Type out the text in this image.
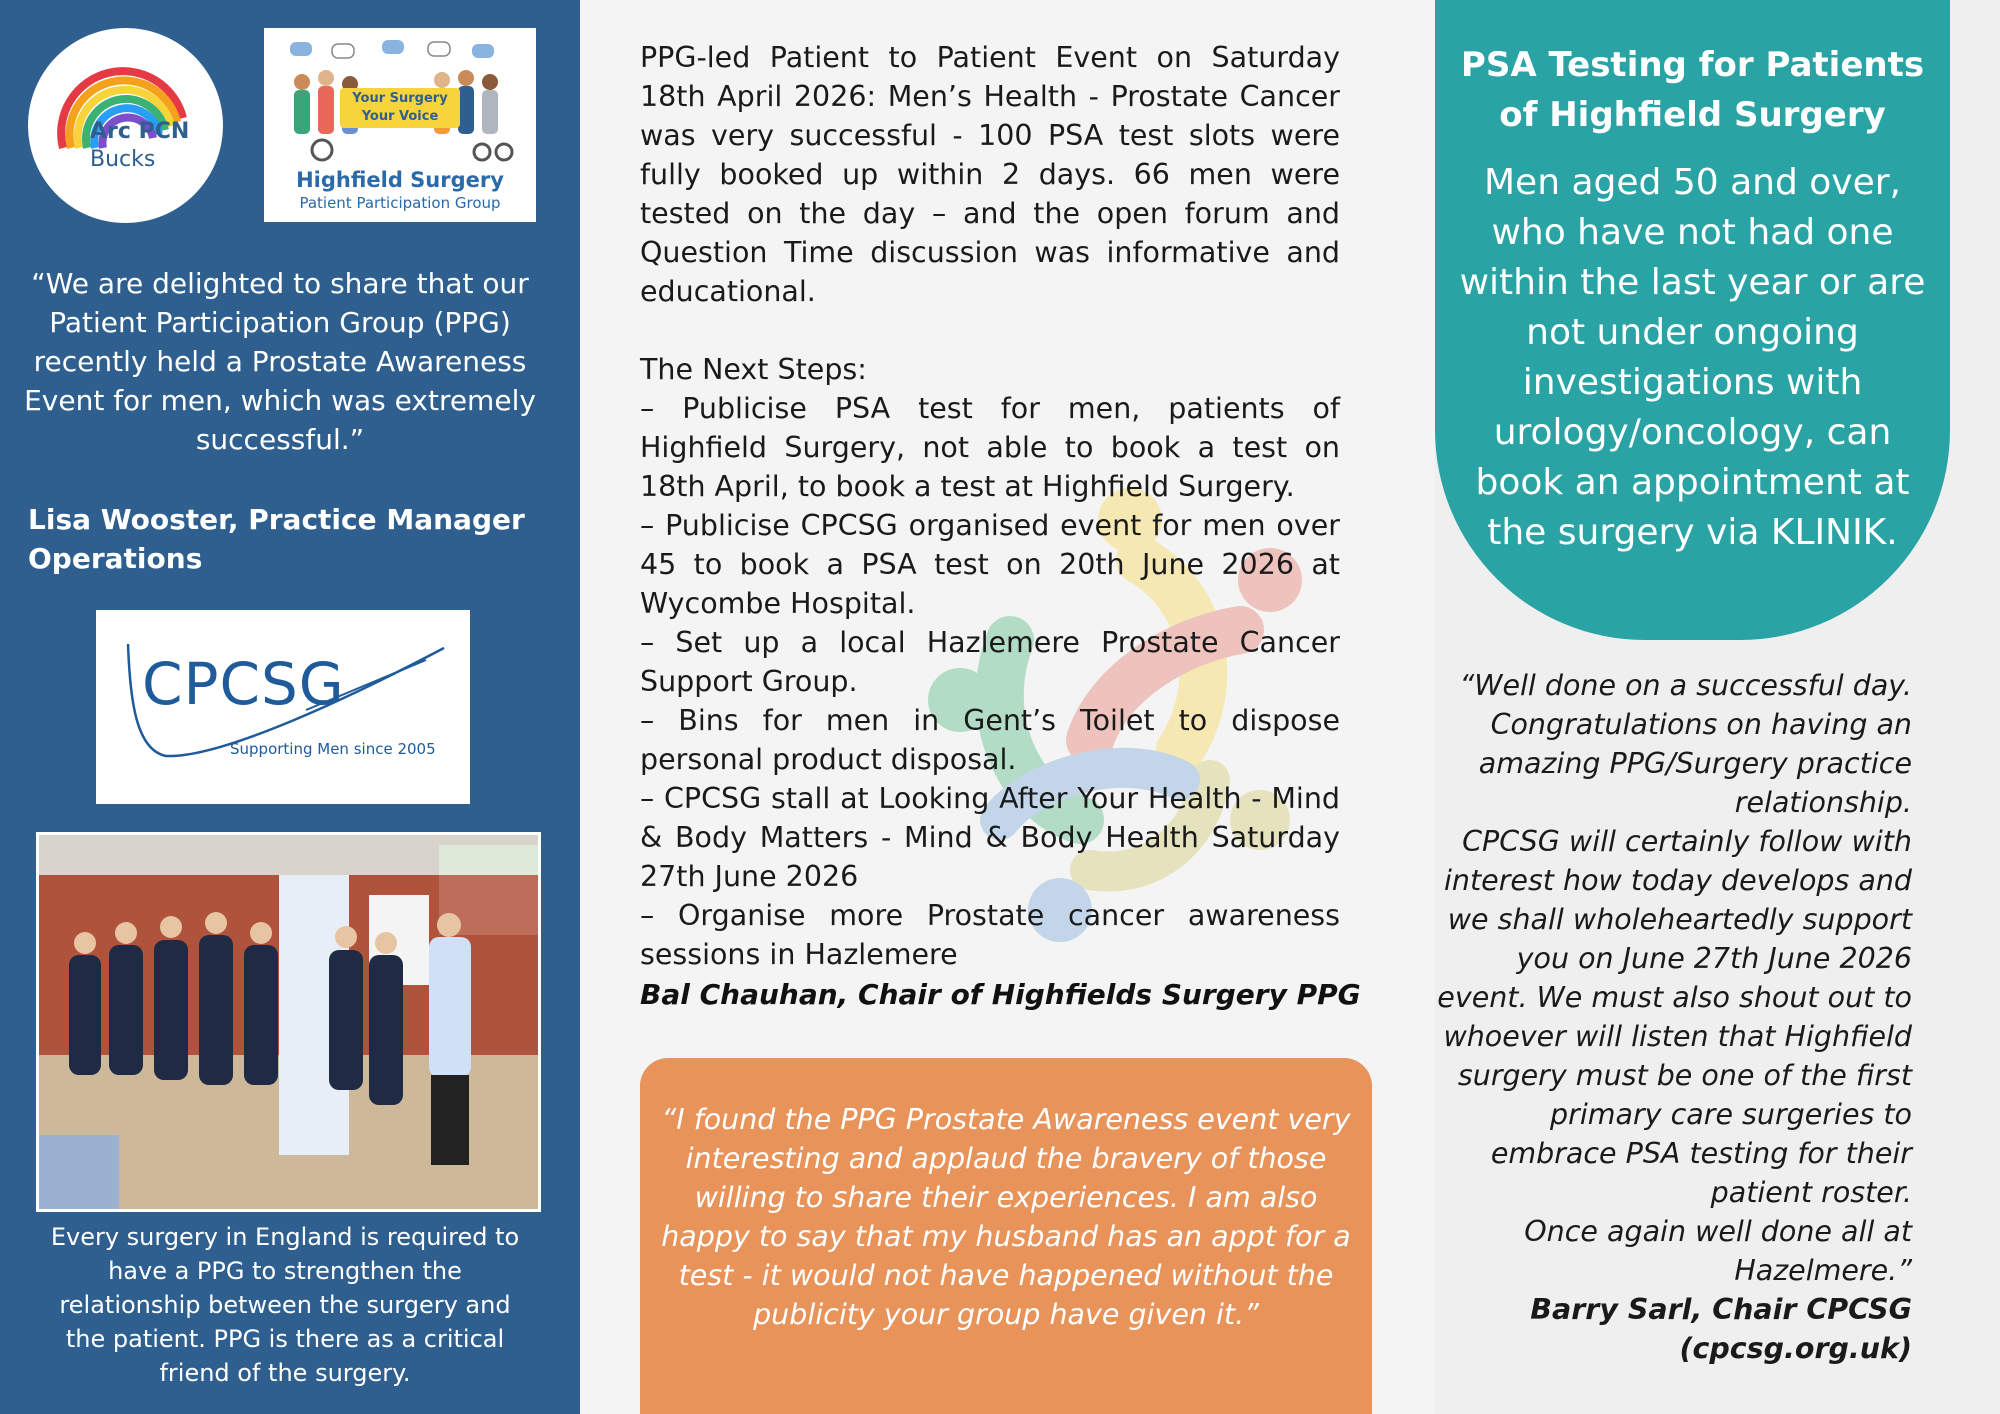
Arc PCN
Bucks
Your Surgery
Your Voice
Highfield Surgery
Patient Participation Group
“We are delighted to share that our Patient Participation Group (PPG) recently held a Prostate Awareness Event for men, which was extremely successful.”
Lisa Wooster, Practice Manager Operations
CPCSG
Supporting Men since 2005
Every surgery in England is required to have a PPG to strengthen the relationship between the surgery and the patient. PPG is there as a critical friend of the surgery.

PPG-led Patient to Patient Event on Saturday 18th April 2026: Men’s Health - Prostate Cancer was very successful - 100 PSA test slots were fully booked up within 2 days. 66 men were tested on the day – and the open forum and Question Time discussion was informative and educational.

The Next Steps:

– Publicise PSA test for men, patients of Highfield Surgery, not able to book a test on 18th April, to book a test at Highfield Surgery.

– Publicise CPCSG organised event for men over 45 to book a PSA test on 20th June 2026 at Wycombe Hospital.

– Set up a local Hazlemere Prostate Cancer Support Group.

– Bins for men in Gent’s Toilet to dispose personal product disposal.

– CPCSG stall at Looking After Your Health - Mind & Body Matters - Mind & Body Health Saturday 27th June 2026

– Organise more Prostate cancer awareness sessions in Hazlemere

Bal Chauhan, Chair of Highfields Surgery PPG
“I found the PPG Prostate Awareness event very interesting and applaud the bravery of those willing to share their experiences. I am also happy to say that my husband has an appt for a test - it would not have happened without the publicity your group have given it.”
PSA Testing for Patients of Highfield Surgery
Men aged 50 and over, who have not had one within the last year or are not under ongoing investigations with urology/oncology, can book an appointment at the surgery via KLINIK.
“Well done on a successful day.
Congratulations on having an
amazing PPG/Surgery practice
relationship.
CPCSG will certainly follow with
interest how today develops and
we shall wholeheartedly support
you on June 27th June 2026
event. We must also shout out to
whoever will listen that Highfield
surgery must be one of the first
primary care surgeries to
embrace PSA testing for their
patient roster.
Once again well done all at
Hazelmere.”
Barry Sarl, Chair CPCSG
(cpcsg.org.uk)
